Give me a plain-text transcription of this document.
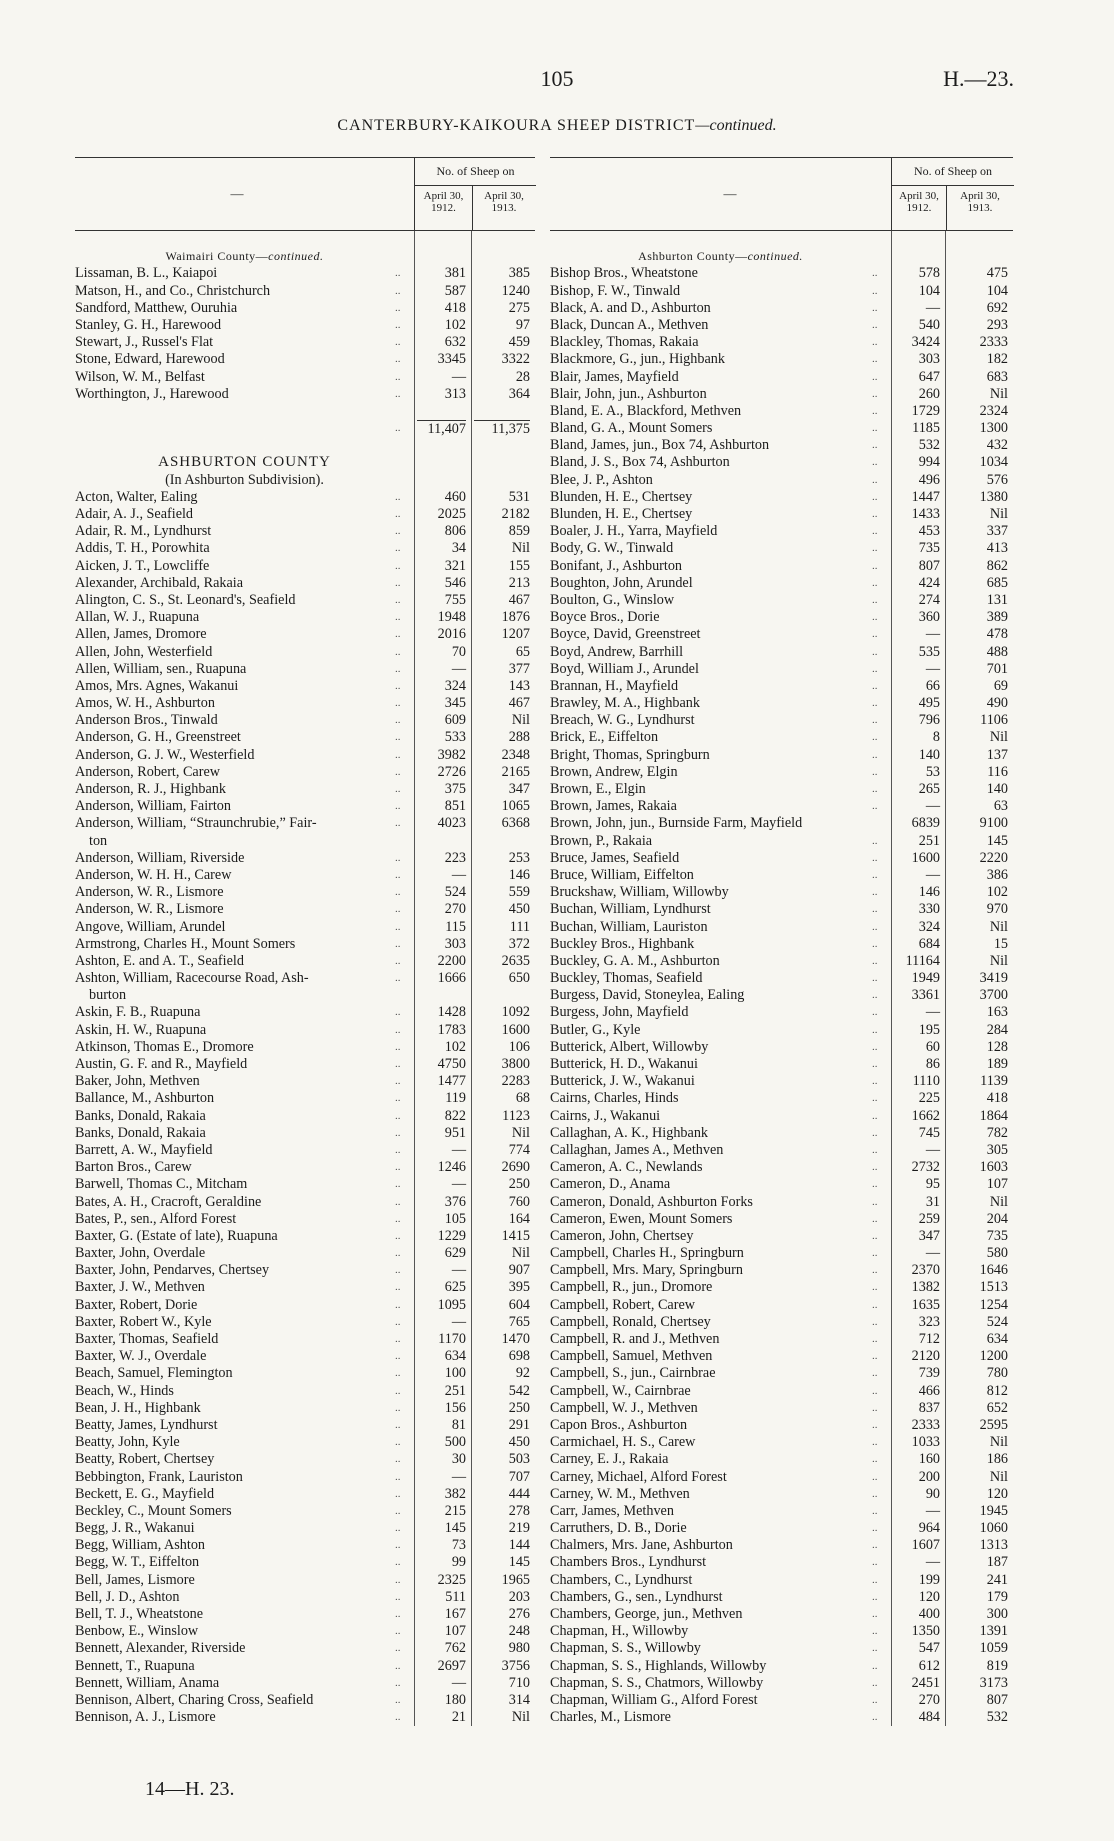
105	H.—23.
CANTERBURY-KAIKOURA SHEEP DISTRICT—continued.
—
No. of Sheep on
April 30,
1912.
April 30,
1913.
Waimairi County—continued.
Lissaman, B. L., Kaiapoi	..	381	385
Matson, H., and Co., Christchurch	..	587	1240
Sandford, Matthew, Ouruhia	..	418	275
Stanley, G. H., Harewood	..	102	97
Stewart, J., Russel's Flat	..	632	459
Stone, Edward, Harewood	..	3345	3322
Wilson, W. M., Belfast	..	—	28
Worthington, J., Harewood	..	313	364
..	11,407	11,375
ASHBURTON COUNTY
(In Ashburton Subdivision).
Acton, Walter, Ealing	..	460	531
Adair, A. J., Seafield	..	2025	2182
Adair, R. M., Lyndhurst	..	806	859
Addis, T. H., Porowhita	..	34	Nil
Aicken, J. T., Lowcliffe	..	321	155
Alexander, Archibald, Rakaia	..	546	213
Alington, C. S., St. Leonard's, Seafield	..	755	467
Allan, W. J., Ruapuna	..	1948	1876
Allen, James, Dromore	..	2016	1207
Allen, John, Westerfield	..	70	65
Allen, William, sen., Ruapuna	..	—	377
Amos, Mrs. Agnes, Wakanui	..	324	143
Amos, W. H., Ashburton	..	345	467
Anderson Bros., Tinwald	..	609	Nil
Anderson, G. H., Greenstreet	..	533	288
Anderson, G. J. W., Westerfield	..	3982	2348
Anderson, Robert, Carew	..	2726	2165
Anderson, R. J., Highbank	..	375	347
Anderson, William, Fairton	..	851	1065
Anderson, William, “Straunchrubie,” Fair-	..	4023	6368
ton
Anderson, William, Riverside	..	223	253
Anderson, W. H. H., Carew	..	—	146
Anderson, W. R., Lismore	..	524	559
Anderson, W. R., Lismore	..	270	450
Angove, William, Arundel	..	115	111
Armstrong, Charles H., Mount Somers	..	303	372
Ashton, E. and A. T., Seafield	..	2200	2635
Ashton, William, Racecourse Road, Ash-	..	1666	650
burton
Askin, F. B., Ruapuna	..	1428	1092
Askin, H. W., Ruapuna	..	1783	1600
Atkinson, Thomas E., Dromore	..	102	106
Austin, G. F. and R., Mayfield	..	4750	3800
Baker, John, Methven	..	1477	2283
Ballance, M., Ashburton	..	119	68
Banks, Donald, Rakaia	..	822	1123
Banks, Donald, Rakaia	..	951	Nil
Barrett, A. W., Mayfield	..	—	774
Barton Bros., Carew	..	1246	2690
Barwell, Thomas C., Mitcham	..	—	250
Bates, A. H., Cracroft, Geraldine	..	376	760
Bates, P., sen., Alford Forest	..	105	164
Baxter, G. (Estate of late), Ruapuna	..	1229	1415
Baxter, John, Overdale	..	629	Nil
Baxter, John, Pendarves, Chertsey	..	—	907
Baxter, J. W., Methven	..	625	395
Baxter, Robert, Dorie	..	1095	604
Baxter, Robert W., Kyle	..	—	765
Baxter, Thomas, Seafield	..	1170	1470
Baxter, W. J., Overdale	..	634	698
Beach, Samuel, Flemington	..	100	92
Beach, W., Hinds	..	251	542
Bean, J. H., Highbank	..	156	250
Beatty, James, Lyndhurst	..	81	291
Beatty, John, Kyle	..	500	450
Beatty, Robert, Chertsey	..	30	503
Bebbington, Frank, Lauriston	..	—	707
Beckett, E. G., Mayfield	..	382	444
Beckley, C., Mount Somers	..	215	278
Begg, J. R., Wakanui	..	145	219
Begg, William, Ashton	..	73	144
Begg, W. T., Eiffelton	..	99	145
Bell, James, Lismore	..	2325	1965
Bell, J. D., Ashton	..	511	203
Bell, T. J., Wheatstone	..	167	276
Benbow, E., Winslow	..	107	248
Bennett, Alexander, Riverside	..	762	980
Bennett, T., Ruapuna	..	2697	3756
Bennett, William, Anama	..	—	710
Bennison, Albert, Charing Cross, Seafield	..	180	314
Bennison, A. J., Lismore	..	21	Nil
—
No. of Sheep on
April 30,
1912.
April 30,
1913.
Ashburton County—continued.
Bishop Bros., Wheatstone	..	578	475
Bishop, F. W., Tinwald	..	104	104
Black, A. and D., Ashburton	..	—	692
Black, Duncan A., Methven	..	540	293
Blackley, Thomas, Rakaia	..	3424	2333
Blackmore, G., jun., Highbank	..	303	182
Blair, James, Mayfield	..	647	683
Blair, John, jun., Ashburton	..	260	Nil
Bland, E. A., Blackford, Methven	..	1729	2324
Bland, G. A., Mount Somers	..	1185	1300
Bland, James, jun., Box 74, Ashburton	..	532	432
Bland, J. S., Box 74, Ashburton	..	994	1034
Blee, J. P., Ashton	..	496	576
Blunden, H. E., Chertsey	..	1447	1380
Blunden, H. E., Chertsey	..	1433	Nil
Boaler, J. H., Yarra, Mayfield	..	453	337
Body, G. W., Tinwald	..	735	413
Bonifant, J., Ashburton	..	807	862
Boughton, John, Arundel	..	424	685
Boulton, G., Winslow	..	274	131
Boyce Bros., Dorie	..	360	389
Boyce, David, Greenstreet	..	—	478
Boyd, Andrew, Barrhill	..	535	488
Boyd, William J., Arundel	..	—	701
Brannan, H., Mayfield	..	66	69
Brawley, M. A., Highbank	..	495	490
Breach, W. G., Lyndhurst	..	796	1106
Brick, E., Eiffelton	..	8	Nil
Bright, Thomas, Springburn	..	140	137
Brown, Andrew, Elgin	..	53	116
Brown, E., Elgin	..	265	140
Brown, James, Rakaia	..	—	63
Brown, John, jun., Burnside Farm, Mayfield	6839	9100
Brown, P., Rakaia	..	251	145
Bruce, James, Seafield	..	1600	2220
Bruce, William, Eiffelton	..	—	386
Bruckshaw, William, Willowby	..	146	102
Buchan, William, Lyndhurst	..	330	970
Buchan, William, Lauriston	..	324	Nil
Buckley Bros., Highbank	..	684	15
Buckley, G. A. M., Ashburton	..	11164	Nil
Buckley, Thomas, Seafield	..	1949	3419
Burgess, David, Stoneylea, Ealing	..	3361	3700
Burgess, John, Mayfield	..	—	163
Butler, G., Kyle	..	195	284
Butterick, Albert, Willowby	..	60	128
Butterick, H. D., Wakanui	..	86	189
Butterick, J. W., Wakanui	..	1110	1139
Cairns, Charles, Hinds	..	225	418
Cairns, J., Wakanui	..	1662	1864
Callaghan, A. K., Highbank	..	745	782
Callaghan, James A., Methven	..	—	305
Cameron, A. C., Newlands	..	2732	1603
Cameron, D., Anama	..	95	107
Cameron, Donald, Ashburton Forks	..	31	Nil
Cameron, Ewen, Mount Somers	..	259	204
Cameron, John, Chertsey	..	347	735
Campbell, Charles H., Springburn	..	—	580
Campbell, Mrs. Mary, Springburn	..	2370	1646
Campbell, R., jun., Dromore	..	1382	1513
Campbell, Robert, Carew	..	1635	1254
Campbell, Ronald, Chertsey	..	323	524
Campbell, R. and J., Methven	..	712	634
Campbell, Samuel, Methven	..	2120	1200
Campbell, S., jun., Cairnbrae	..	739	780
Campbell, W., Cairnbrae	..	466	812
Campbell, W. J., Methven	..	837	652
Capon Bros., Ashburton	..	2333	2595
Carmichael, H. S., Carew	..	1033	Nil
Carney, E. J., Rakaia	..	160	186
Carney, Michael, Alford Forest	..	200	Nil
Carney, W. M., Methven	..	90	120
Carr, James, Methven	..	—	1945
Carruthers, D. B., Dorie	..	964	1060
Chalmers, Mrs. Jane, Ashburton	..	1607	1313
Chambers Bros., Lyndhurst	..	—	187
Chambers, C., Lyndhurst	..	199	241
Chambers, G., sen., Lyndhurst	..	120	179
Chambers, George, jun., Methven	..	400	300
Chapman, H., Willowby	..	1350	1391
Chapman, S. S., Willowby	..	547	1059
Chapman, S. S., Highlands, Willowby	..	612	819
Chapman, S. S., Chatmors, Willowby	..	2451	3173
Chapman, William G., Alford Forest	..	270	807
Charles, M., Lismore	..	484	532
14—H. 23.
